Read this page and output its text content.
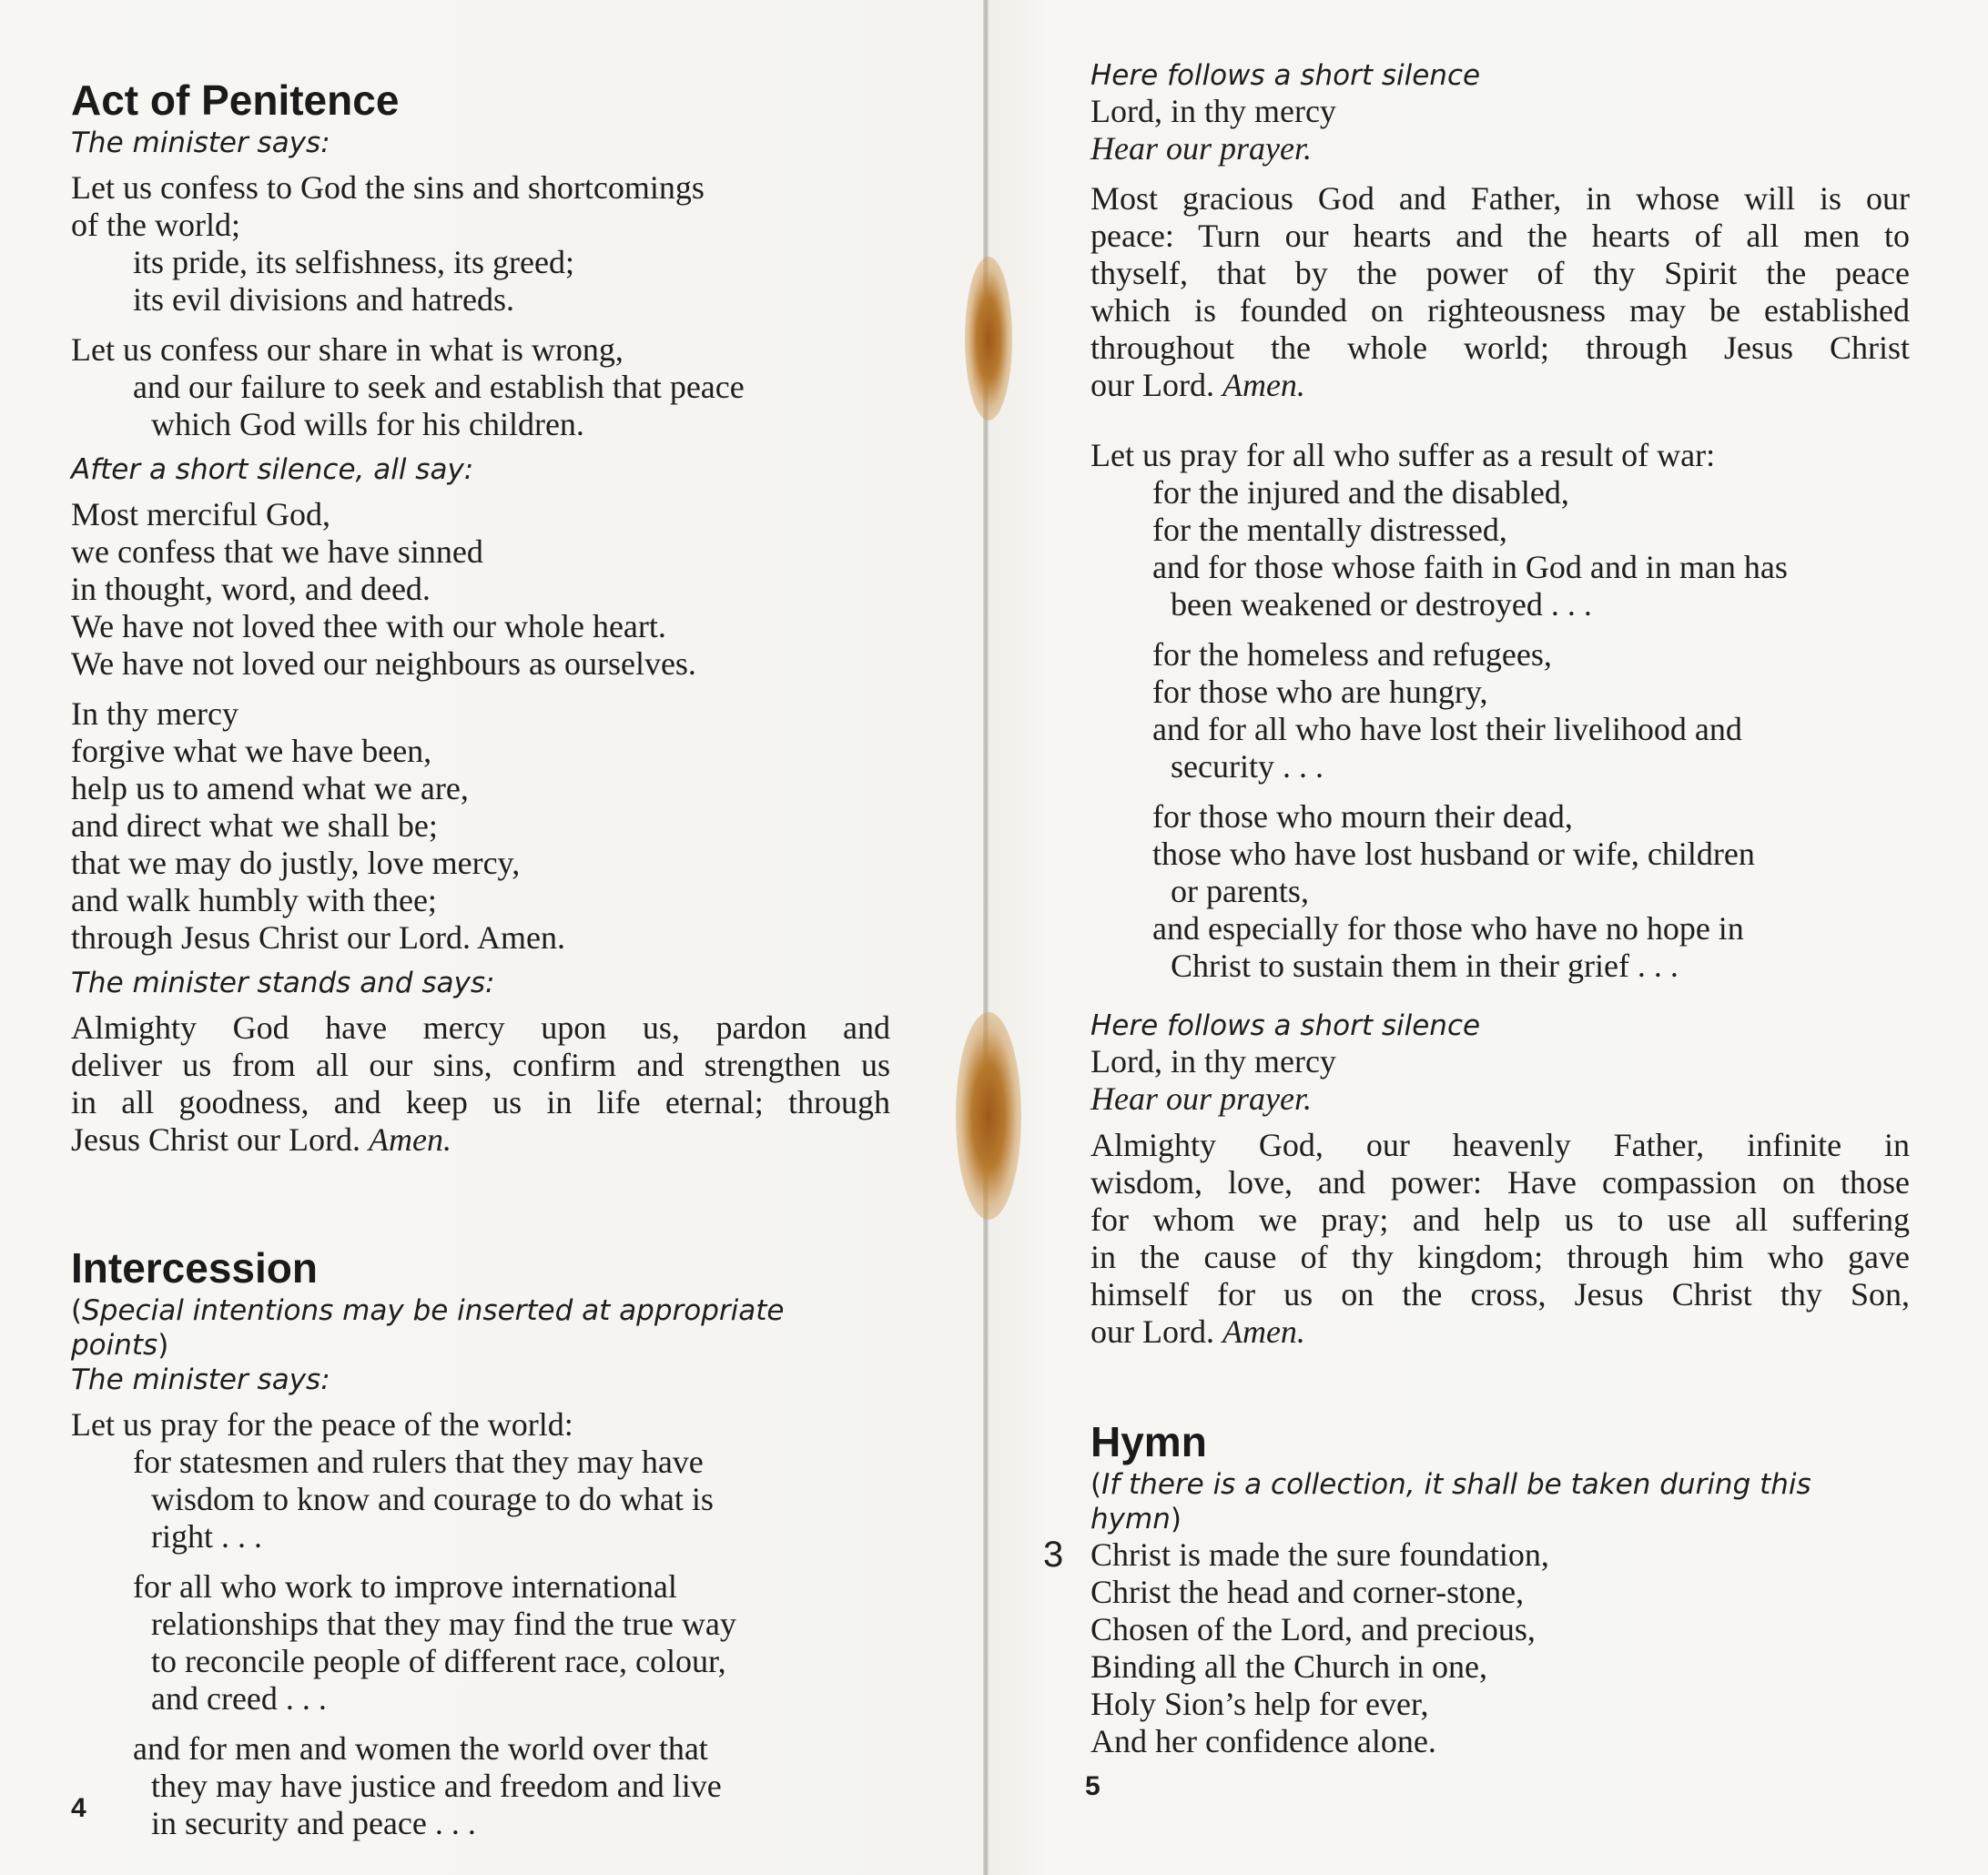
Act of Penitence

The minister says:

Let us confess to God the sins and shortcomings
of the world;
its pride, its selfishness, its greed;
its evil divisions and hatreds.

Let us confess our share in what is wrong,
and our failure to seek and establish that peace
which God wills for his children.

After a short silence, all say:

Most merciful God,
we confess that we have sinned
in thought, word, and deed.
We have not loved thee with our whole heart.
We have not loved our neighbours as ourselves.

In thy mercy
forgive what we have been,
help us to amend what we are,
and direct what we shall be;
that we may do justly, love mercy,
and walk humbly with thee;
through Jesus Christ our Lord. Amen.

The minister stands and says:

Almighty God have mercy upon us, pardon and
deliver us from all our sins, confirm and strengthen us
in all goodness, and keep us in life eternal; through
Jesus Christ our Lord. Amen.

Intercession

(Special intentions may be inserted at appropriate points)

The minister says:

Let us pray for the peace of the world:
for statesmen and rulers that they may have
wisdom to know and courage to do what is
right . . .

for all who work to improve international
relationships that they may find the true way
to reconcile people of different race, colour,
and creed . . .

and for men and women the world over that
they may have justice and freedom and live
in security and peace . . .

4

Here follows a short silence

Lord, in thy mercy
Hear our prayer.

Most gracious God and Father, in whose will is our
peace: Turn our hearts and the hearts of all men to
thyself, that by the power of thy Spirit the peace
which is founded on righteousness may be established
throughout the whole world; through Jesus Christ
our Lord. Amen.

Let us pray for all who suffer as a result of war:
for the injured and the disabled,
for the mentally distressed,
and for those whose faith in God and in man has
been weakened or destroyed . . .

for the homeless and refugees,
for those who are hungry,
and for all who have lost their livelihood and
security . . .

for those who mourn their dead,
those who have lost husband or wife, children
or parents,
and especially for those who have no hope in
Christ to sustain them in their grief . . .

Here follows a short silence

Lord, in thy mercy
Hear our prayer.

Almighty God, our heavenly Father, infinite in
wisdom, love, and power: Have compassion on those
for whom we pray; and help us to use all suffering
in the cause of thy kingdom; through him who gave
himself for us on the cross, Jesus Christ thy Son,
our Lord. Amen.

Hymn

(If there is a collection, it shall be taken during this hymn)

3 Christ is made the sure foundation,
Christ the head and corner-stone,
Chosen of the Lord, and precious,
Binding all the Church in one,
Holy Sion’s help for ever,
And her confidence alone.
5
